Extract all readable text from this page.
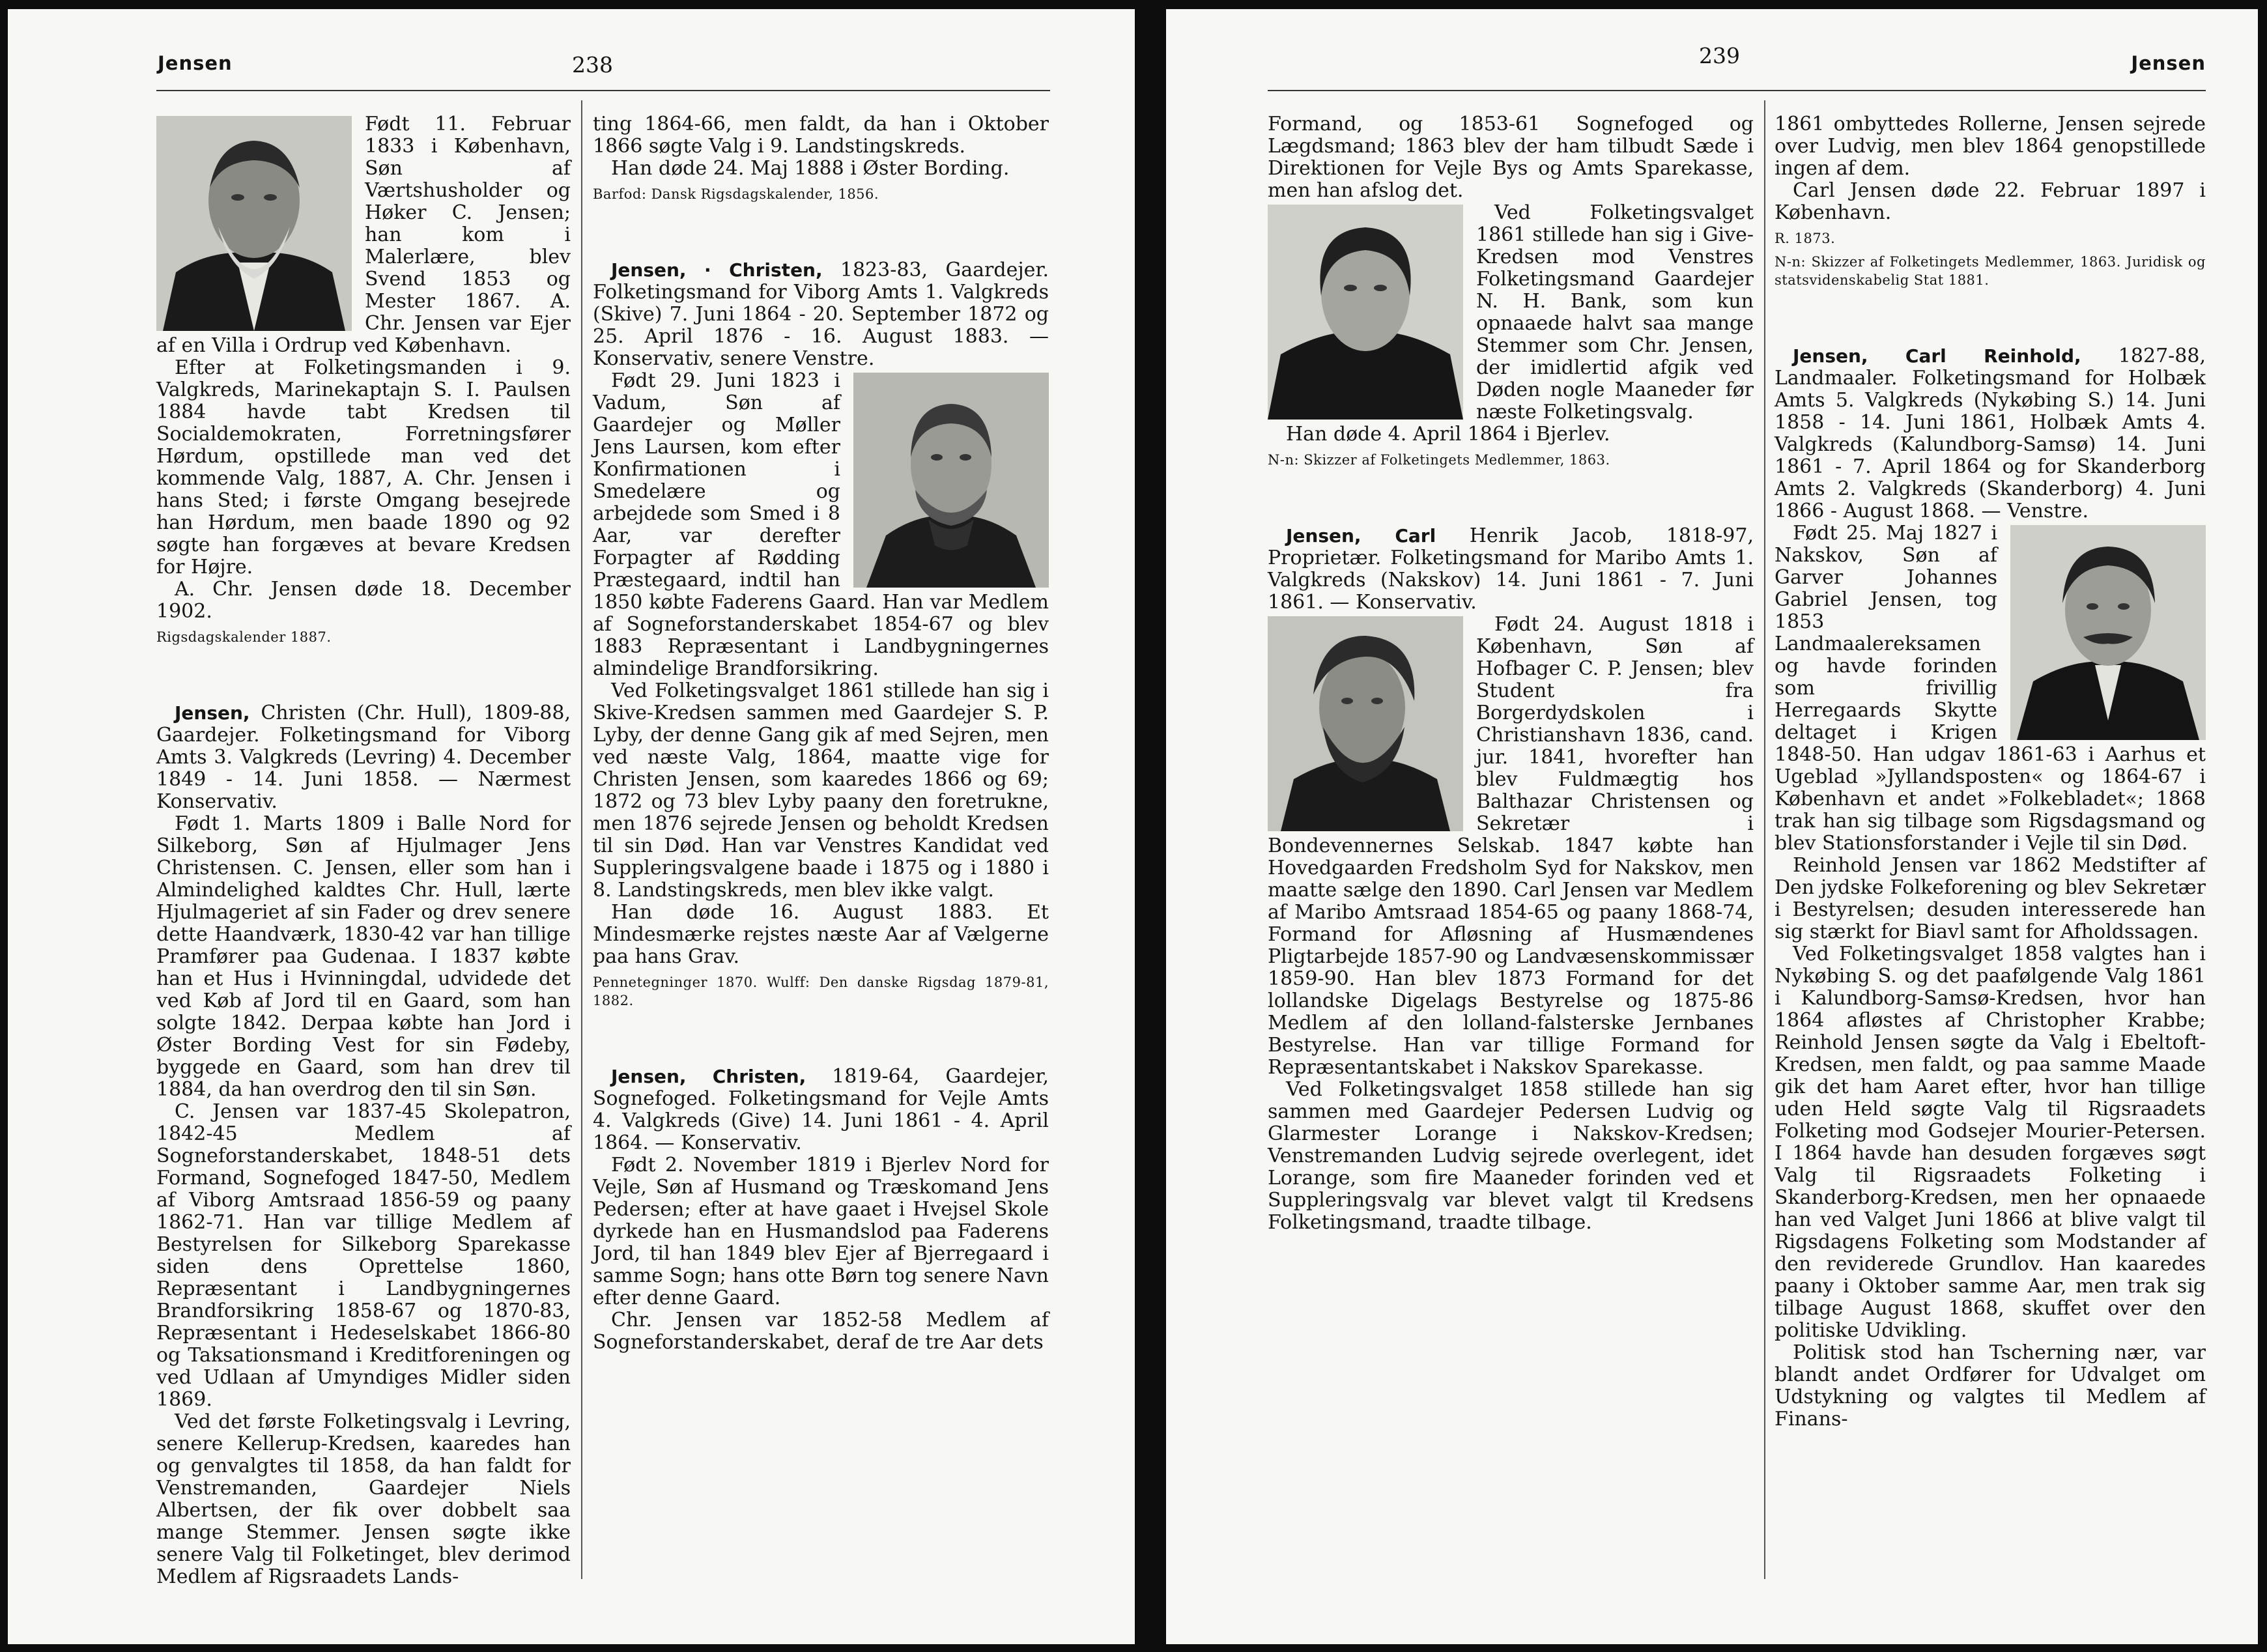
Jensen	238

Født 11. Februar 1833 i København, Søn af Værtshusholder og Høker C. Jensen; han kom i Malerlære, blev Svend 1853 og Mester 1867. A. Chr. Jensen var Ejer af en Villa i Ordrup ved København.

Efter at Folketingsmanden i 9. Valgkreds, Marinekaptajn S. I. Paulsen 1884 havde tabt Kredsen til Socialdemokraten, Forretningsfører Hørdum, opstillede man ved det kommende Valg, 1887, A. Chr. Jensen i hans Sted; i første Omgang besejrede han Hørdum, men baade 1890 og 92 søgte han forgæves at bevare Kredsen for Højre.

A. Chr. Jensen døde 18. December 1902.

Rigsdagskalender 1887.

Jensen, Christen (Chr. Hull), 1809-88, Gaardejer. Folketingsmand for Viborg Amts 3. Valgkreds (Levring) 4. December 1849 - 14. Juni 1858. — Nærmest Konservativ.

Født 1. Marts 1809 i Balle Nord for Silkeborg, Søn af Hjulmager Jens Christensen. C. Jensen, eller som han i Almindelighed kaldtes Chr. Hull, lærte Hjulmageriet af sin Fader og drev senere dette Haandværk, 1830-42 var han tillige Pramfører paa Gudenaa. I 1837 købte han et Hus i Hvinningdal, udvidede det ved Køb af Jord til en Gaard, som han solgte 1842. Derpaa købte han Jord i Øster Bording Vest for sin Fødeby, byggede en Gaard, som han drev til 1884, da han overdrog den til sin Søn.

C. Jensen var 1837-45 Skolepatron, 1842-45 Medlem af Sogneforstanderskabet, 1848-51 dets Formand, Sognefoged 1847-50, Medlem af Viborg Amtsraad 1856-59 og paany 1862-71. Han var tillige Medlem af Bestyrelsen for Silkeborg Sparekasse siden dens Oprettelse 1860, Repræsentant i Landbygningernes Brandforsikring 1858-67 og 1870-83, Repræsentant i Hedeselskabet 1866-80 og Taksationsmand i Kreditforeningen og ved Udlaan af Umyndiges Midler siden 1869.

Ved det første Folketingsvalg i Levring, senere Kellerup-Kredsen, kaaredes han og genvalgtes til 1858, da han faldt for Venstremanden, Gaardejer Niels Albertsen, der fik over dobbelt saa mange Stemmer. Jensen søgte ikke senere Valg til Folketinget, blev derimod Medlem af Rigsraadets Lands-

ting 1864-66, men faldt, da han i Oktober 1866 søgte Valg i 9. Landstingskreds.

Han døde 24. Maj 1888 i Øster Bording.

Barfod: Dansk Rigsdagskalender, 1856.

Jensen, · Christen, 1823-83, Gaardejer. Folketingsmand for Viborg Amts 1. Valgkreds (Skive) 7. Juni 1864 - 20. September 1872 og 25. April 1876 - 16. August 1883. — Konservativ, senere Venstre.

Født 29. Juni 1823 i Vadum, Søn af Gaardejer og Møller Jens Laursen, kom efter Konfirmationen i Smedelære og arbejdede som Smed i 8 Aar, var derefter Forpagter af Rødding Præstegaard, indtil han 1850 købte Faderens Gaard. Han var Medlem af Sogneforstanderskabet 1854-67 og blev 1883 Repræsentant i Landbygningernes almindelige Brandforsikring.

Ved Folketingsvalget 1861 stillede han sig i Skive-Kredsen sammen med Gaardejer S. P. Lyby, der denne Gang gik af med Sejren, men ved næste Valg, 1864, maatte vige for Christen Jensen, som kaaredes 1866 og 69; 1872 og 73 blev Lyby paany den foretrukne, men 1876 sejrede Jensen og beholdt Kredsen til sin Død. Han var Venstres Kandidat ved Suppleringsvalgene baade i 1875 og i 1880 i 8. Landstingskreds, men blev ikke valgt.

Han døde 16. August 1883. Et Mindesmærke rejstes næste Aar af Vælgerne paa hans Grav.

Pennetegninger 1870. Wulff: Den danske Rigsdag 1879-81, 1882.

Jensen, Christen, 1819-64, Gaardejer, Sognefoged. Folketingsmand for Vejle Amts 4. Valgkreds (Give) 14. Juni 1861 - 4. April 1864. — Konservativ.

Født 2. November 1819 i Bjerlev Nord for Vejle, Søn af Husmand og Træskomand Jens Pedersen; efter at have gaaet i Hvejsel Skole dyrkede han en Husmandslod paa Faderens Jord, til han 1849 blev Ejer af Bjerregaard i samme Sogn; hans otte Børn tog senere Navn efter denne Gaard.

Chr. Jensen var 1852-58 Medlem af Sogneforstanderskabet, deraf de tre Aar dets

239	Jensen

Formand, og 1853-61 Sognefoged og Lægdsmand; 1863 blev der ham tilbudt Sæde i Direktionen for Vejle Bys og Amts Sparekasse, men han afslog det.

Ved Folketingsvalget 1861 stillede han sig i Give-Kredsen mod Venstres Folketingsmand Gaardejer N. H. Bank, som kun opnaaede halvt saa mange Stemmer som Chr. Jensen, der imidlertid afgik ved Døden nogle Maaneder før næste Folketingsvalg.

Han døde 4. April 1864 i Bjerlev.

N-n: Skizzer af Folketingets Medlemmer, 1863.

Jensen, Carl Henrik Jacob, 1818-97, Proprietær. Folketingsmand for Maribo Amts 1. Valgkreds (Nakskov) 14. Juni 1861 - 7. Juni 1861. — Konservativ.

Født 24. August 1818 i København, Søn af Hofbager C. P. Jensen; blev Student fra Borgerdydskolen i Christianshavn 1836, cand. jur. 1841, hvorefter han blev Fuldmægtig hos Balthazar Christensen og Sekretær i Bondevennernes Selskab. 1847 købte han Hovedgaarden Fredsholm Syd for Nakskov, men maatte sælge den 1890. Carl Jensen var Medlem af Maribo Amtsraad 1854-65 og paany 1868-74, Formand for Afløsning af Husmændenes Pligtarbejde 1857-90 og Landvæsenskommissær 1859-90. Han blev 1873 Formand for det lollandske Digelags Bestyrelse og 1875-86 Medlem af den lolland-falsterske Jernbanes Bestyrelse. Han var tillige Formand for Repræsentantskabet i Nakskov Sparekasse.

Ved Folketingsvalget 1858 stillede han sig sammen med Gaardejer Pedersen Ludvig og Glarmester Lorange i Nakskov-Kredsen; Venstremanden Ludvig sejrede overlegent, idet Lorange, som fire Maaneder forinden ved et Suppleringsvalg var blevet valgt til Kredsens Folketingsmand, traadte tilbage.

1861 ombyttedes Rollerne, Jensen sejrede over Ludvig, men blev 1864 genopstillede ingen af dem.

Carl Jensen døde 22. Februar 1897 i København.

R. 1873.

N-n: Skizzer af Folketingets Medlemmer, 1863. Juridisk og statsvidenskabelig Stat 1881.

Jensen, Carl Reinhold, 1827-88, Landmaaler. Folketingsmand for Holbæk Amts 5. Valgkreds (Nykøbing S.) 14. Juni 1858 - 14. Juni 1861, Holbæk Amts 4. Valgkreds (Kalundborg-Samsø) 14. Juni 1861 - 7. April 1864 og for Skanderborg Amts 2. Valgkreds (Skanderborg) 4. Juni 1866 - August 1868. — Venstre.

Født 25. Maj 1827 i Nakskov, Søn af Garver Johannes Gabriel Jensen, tog 1853 Landmaalereksamen og havde forinden som frivillig Herregaards Skytte deltaget i Krigen 1848-50. Han udgav 1861-63 i Aarhus et Ugeblad »Jyllandsposten« og 1864-67 i København et andet »Folkebladet«; 1868 trak han sig tilbage som Rigsdagsmand og blev Stationsforstander i Vejle til sin Død.

Reinhold Jensen var 1862 Medstifter af Den jydske Folkeforening og blev Sekretær i Bestyrelsen; desuden interesserede han sig stærkt for Biavl samt for Afholdssagen.

Ved Folketingsvalget 1858 valgtes han i Nykøbing S. og det paafølgende Valg 1861 i Kalundborg-Samsø-Kredsen, hvor han 1864 afløstes af Christopher Krabbe; Reinhold Jensen søgte da Valg i Ebeltoft-Kredsen, men faldt, og paa samme Maade gik det ham Aaret efter, hvor han tillige uden Held søgte Valg til Rigsraadets Folketing mod Godsejer Mourier-Petersen. I 1864 havde han desuden forgæves søgt Valg til Rigsraadets Folketing i Skanderborg-Kredsen, men her opnaaede han ved Valget Juni 1866 at blive valgt til Rigsdagens Folketing som Modstander af den reviderede Grundlov. Han kaaredes paany i Oktober samme Aar, men trak sig tilbage August 1868, skuffet over den politiske Udvikling.

Politisk stod han Tscherning nær, var blandt andet Ordfører for Udvalget om Udstykning og valgtes til Medlem af Finans-
